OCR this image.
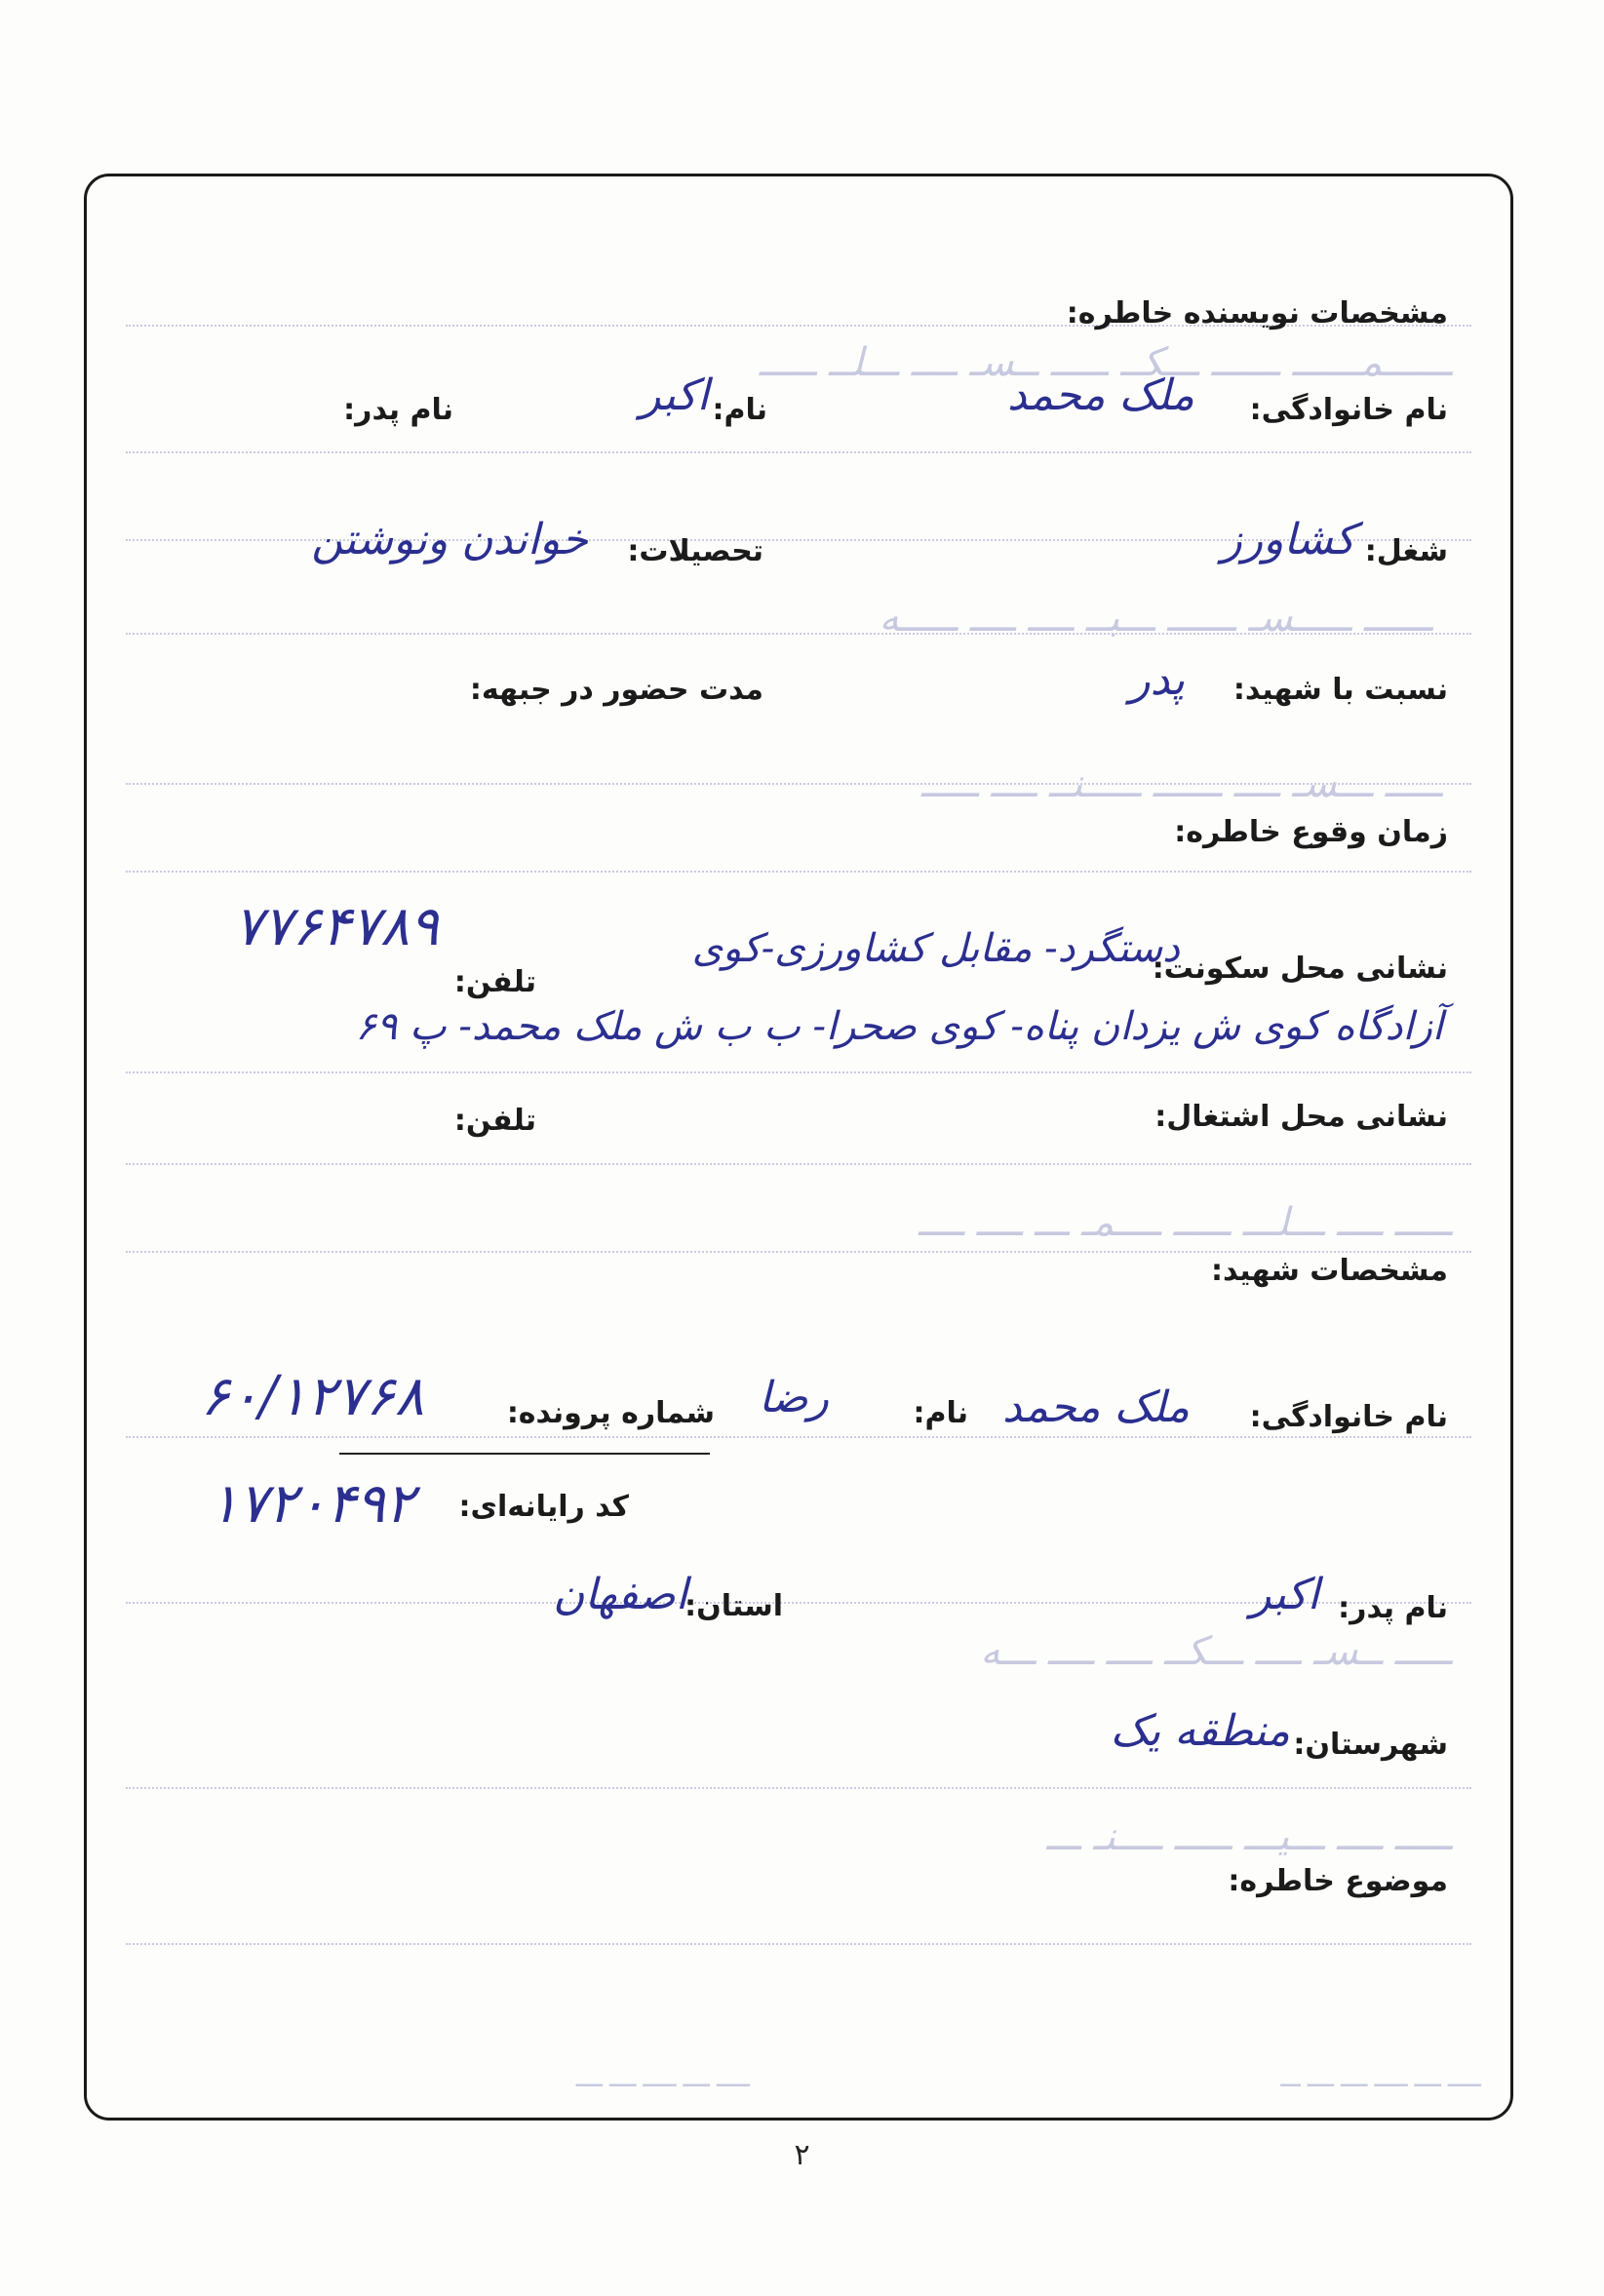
ــــــمــــــ ــــــ ـــکــ ـــــ ــسـ ــــ ـــلــ ـــــ
ــــــ ـــــسـ ــــــ ـــبــ ــــ ــــ ـــــه
ـــــ ـــسـ ــــ ــــــ ـــــنــ ــــ ـــــ
ـــــ ــــ ـــلـــ ـــــ ــــمـ ـــ ــــ ــــ
ـــــ ــسـ ــــ ـــکــ ــــ ــــ ـــه
ـــــ ــــ ـــیـــ ـــــ ــــنـ ـــ
ـــــ ــــ ـــــ ــــ ــــ ـــ
ـــــ ــــ ـــــ ــــ ــــ
مشخصات نویسنده خاطره:
نام خانوادگی:
ملک محمد
نام:
اکبر
نام پدر:
شغل:
کشاورز
تحصیلات:
خواندن ونوشتن
نسبت با شهید:
پدر
مدت حضور در جبهه:
زمان وقوع خاطره:
نشانی محل سکونت:
دستگرد- مقابل کشاورزی-کوی
تلفن:
۷۷۶۴۷۸۹
آزادگاه کوی ش یزدان پناه- کوی صحرا- ب ب ش ملک محمد- پ ۶۹
نشانی محل اشتغال:
تلفن:
مشخصات شهید:
نام خانوادگی:
ملک محمد
نام:
رضا
شماره پرونده:
۶۰/۱۲۷۶۸
کد رایانه‌ای:
۱۷۲۰۴۹۲
نام پدر:
اکبر
استان:
اصفهان
شهرستان:
منطقه یک
موضوع خاطره:
۲
